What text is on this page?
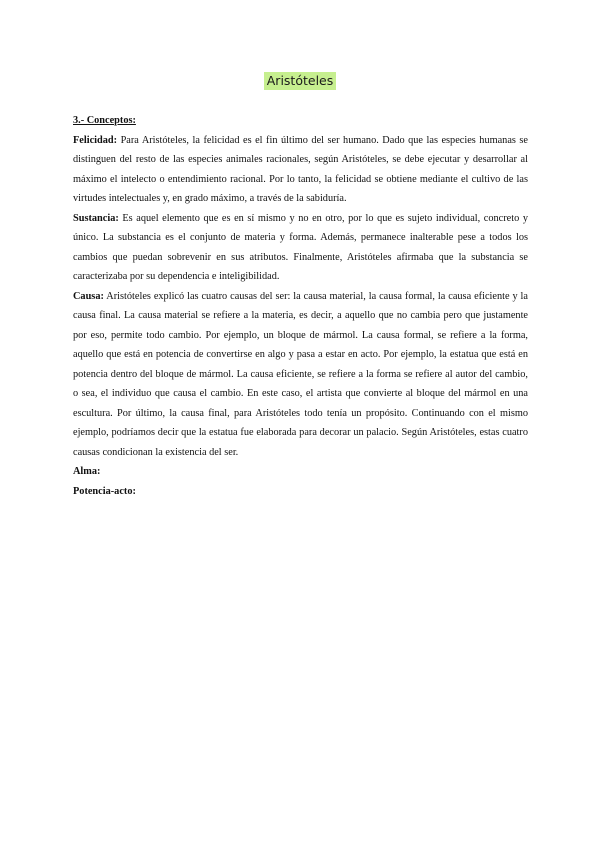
Aristóteles

3.- Conceptos:

Felicidad: Para Aristóteles, la felicidad es el fin último del ser humano. Dado que las especies humanas se distinguen del resto de las especies animales racionales, según Aristóteles, se debe ejecutar y desarrollar al máximo el intelecto o entendimiento racional. Por lo tanto, la felicidad se obtiene mediante el cultivo de las virtudes intelectuales y, en grado máximo, a través de la sabiduría.

Sustancia: Es aquel elemento que es en sí mismo y no en otro, por lo que es sujeto individual, concreto y único. La substancia es el conjunto de materia y forma. Además, permanece inalterable pese a todos los cambios que puedan sobrevenir en sus atributos. Finalmente, Aristóteles afirmaba que la substancia se caracterizaba por su dependencia e inteligibilidad.

Causa: Aristóteles explicó las cuatro causas del ser: la causa material, la causa formal, la causa eficiente y la causa final. La causa material se refiere a la materia, es decir, a aquello que no cambia pero que justamente por eso, permite todo cambio. Por ejemplo, un bloque de mármol. La causa formal, se refiere a la forma, aquello que está en potencia de convertirse en algo y pasa a estar en acto. Por ejemplo, la estatua que está en potencia dentro del bloque de mármol. La causa eficiente, se refiere a la forma se refiere al autor del cambio, o sea, el individuo que causa el cambio. En este caso, el artista que convierte al bloque del mármol en una escultura. Por último, la causa final, para Aristóteles todo tenía un propósito. Continuando con el mismo ejemplo, podríamos decir que la estatua fue elaborada para decorar un palacio. Según Aristóteles, estas cuatro causas condicionan la existencia del ser.

Alma:

Potencia-acto:
